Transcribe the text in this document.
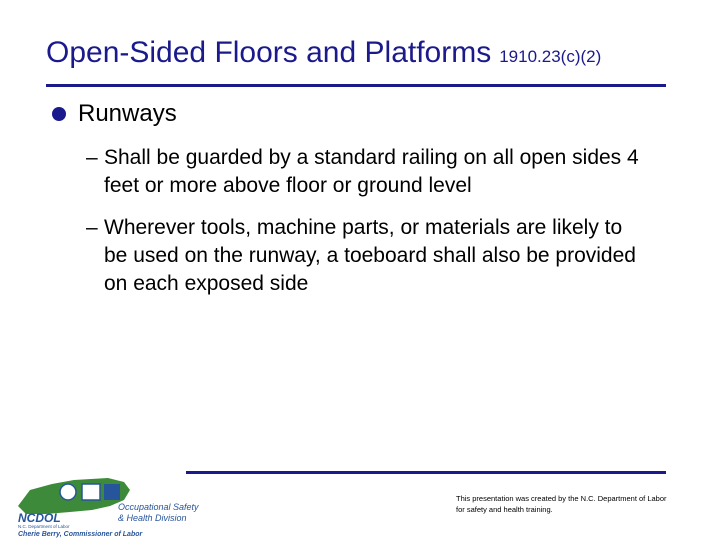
Open-Sided Floors and Platforms 1910.23(c)(2)
Runways
– Shall be guarded by a standard railing on all open sides 4 feet or more above floor or ground level
– Wherever tools, machine parts, or materials are likely to be used on the runway, a toeboard shall also be provided on each exposed side
NCDOL
N.C. Department of Labor
Occupational Safety
& Health Division
Cherie Berry, Commissioner of Labor
This presentation was created by the N.C. Department of Labor for safety and health training.
